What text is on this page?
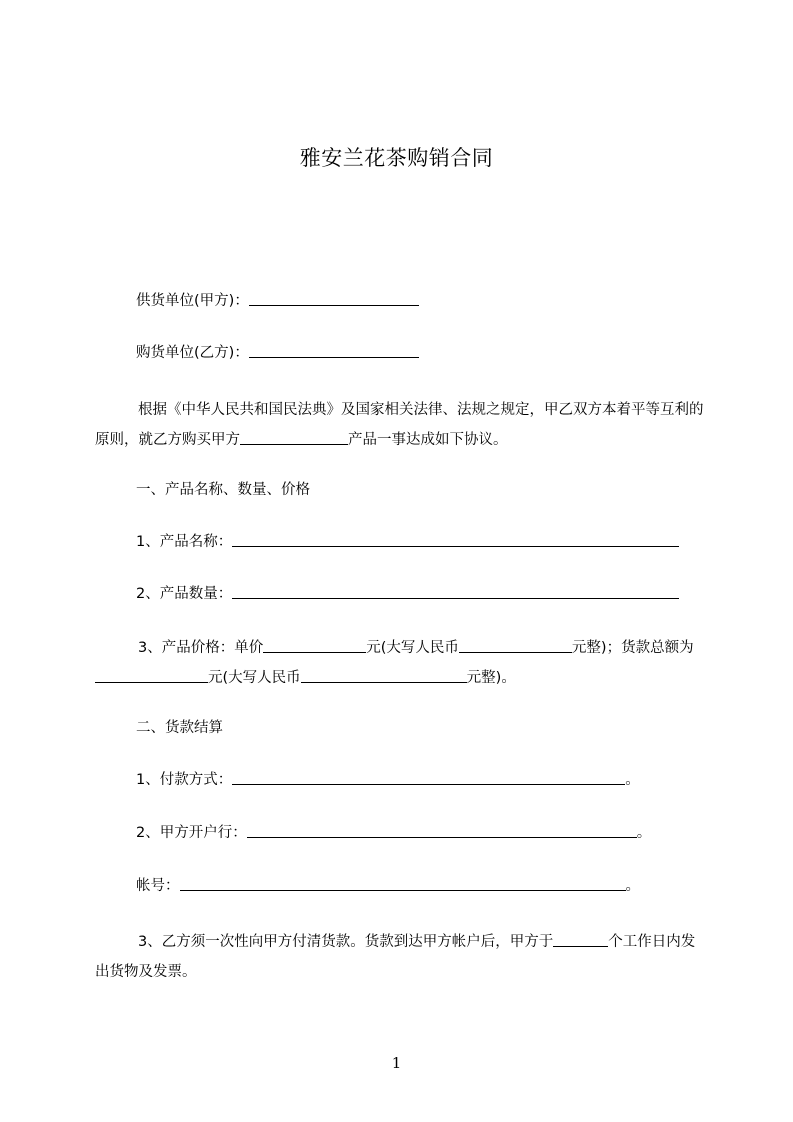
雅安兰花茶购销合同
供货单位(甲方)：
购货单位(乙方)：
根据《中华人民共和国民法典》及国家相关法律、法规之规定，甲乙双方本着平等互利的原则，就乙方购买甲方	产品一事达成如下协议。
一、产品名称、数量、价格
1、产品名称：
2、产品数量：
3、产品价格：单价	元(大写人民币	元整)；货款总额为元(大写人民币	元整)。
二、货款结算
1、付款方式：	。
2、甲方开户行：	。
帐号：	。
3、乙方须一次性向甲方付清货款。货款到达甲方帐户后，甲方于	个工作日内发出货物及发票。
1
